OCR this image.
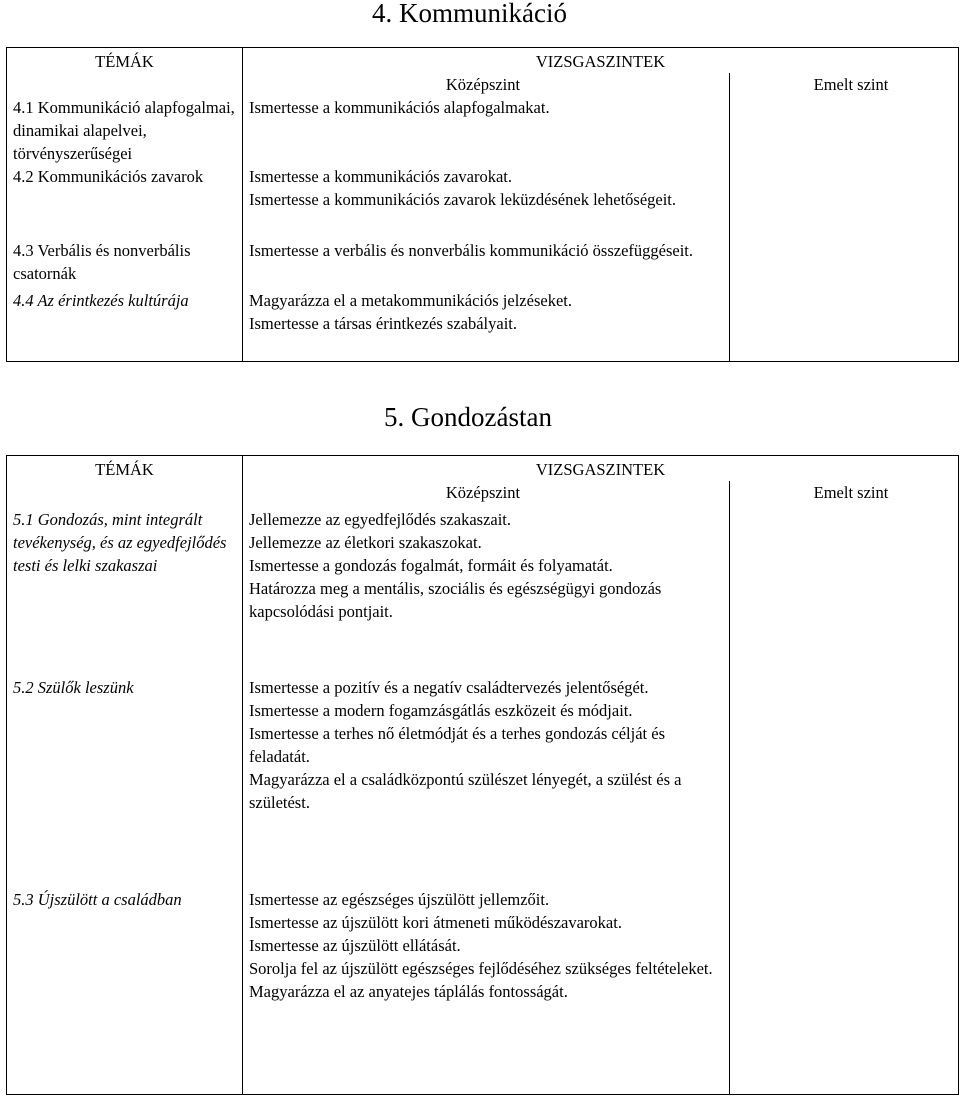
4. Kommunikáció
TÉMÁK	VIZSGASZINTEK	
	Középszint	Emelt szint
4.1 Kommunikáció alapfogalmai, dinamikai alapelvei, törvényszerűségei	Ismertesse a kommunikációs alapfogalmakat.	

4.2 Kommunikációs zavarok	Ismertesse a kommunikációs zavarokat.
Ismertesse a kommunikációs zavarok leküzdésének lehetőségeit.	

4.3 Verbális és nonverbális csatornák	Ismertesse a verbális és nonverbális kommunikáció összefüggéseit.	

4.4 Az érintkezés kultúrája	Magyarázza el a metakommunikációs jelzéseket.
Ismertesse a társas érintkezés szabályait.	

5. Gondozástan
TÉMÁK	VIZSGASZINTEK	
	Középszint	Emelt szint
5.1 Gondozás, mint integrált tevékenység, és az egyedfejlődés testi és lelki szakaszai	Jellemezze az egyedfejlődés szakaszait.
Jellemezze az életkori szakaszokat.
Ismertesse a gondozás fogalmát, formáit és folyamatát.
Határozza meg a mentális, szociális és egészségügyi gondozás kapcsolódási pontjait.	

5.2 Szülők leszünk	Ismertesse a pozitív és a negatív családtervezés jelentőségét.
Ismertesse a modern fogamzásgátlás eszközeit és módjait.
Ismertesse a terhes nő életmódját és a terhes gondozás célját és feladatát.
Magyarázza el a családközpontú szülészet lényegét, a szülést és a születést.	

5.3 Újszülött a családban	Ismertesse az egészséges újszülött jellemzőit.
Ismertesse az újszülött kori átmeneti működészavarokat.
Ismertesse az újszülött ellátását.
Sorolja fel az újszülött egészséges fejlődéséhez szükséges feltételeket.
Magyarázza el az anyatejes táplálás fontosságát.	
